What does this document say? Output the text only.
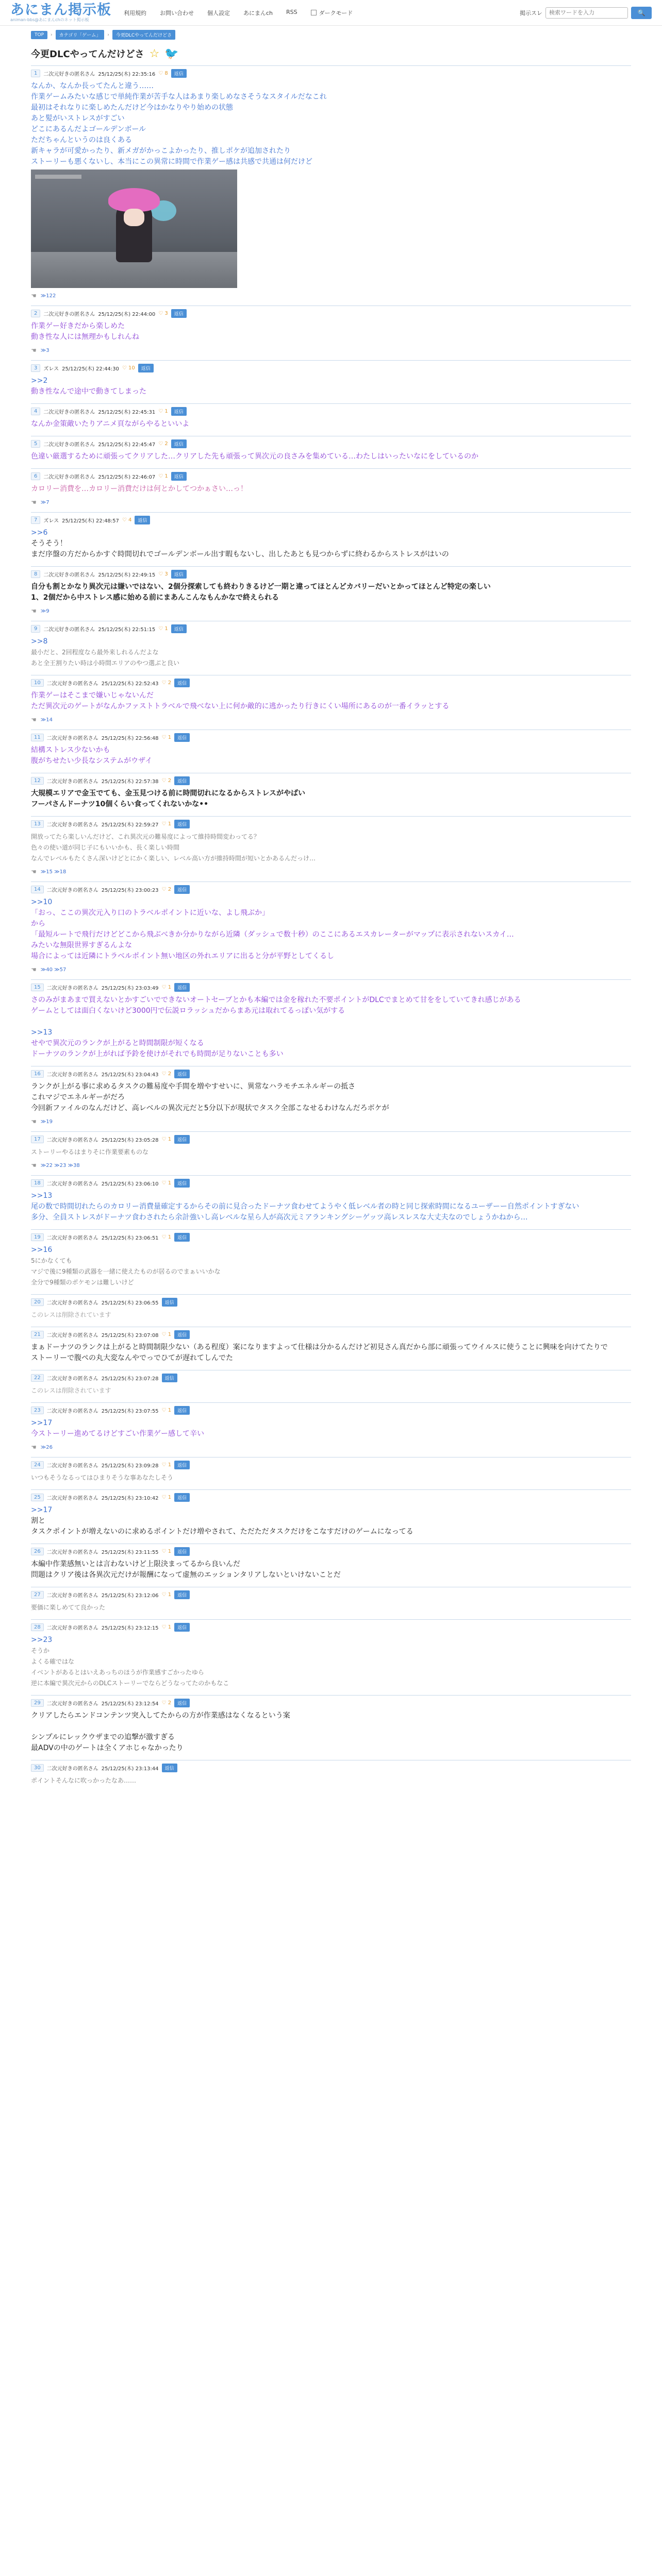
あにまん掲示板
animan-bbs@あにまんchのネット掲示板
利用規約 お問い合わせ 個人設定 あにまんch RSS	ダークモード	掲示スレ
検索ワードを入力	🔍
TOP	›	カテゴリ「ゲーム」	›	今更DLCやってんだけどさ
今更DLCやってんだけどさ ☆ 🐦
1	二次元好きの匿名さん 25/12/25(木) 22:35:16 ♡ 8	返信
なんか、なんか長ってたんと違う……
作業ゲームみたいな感じで単純作業が苦手な人はあまり楽しめなさそうなスタイルだなこれ
最初はそれなりに楽しめたんだけど今はかなりやり始めの状態
あと髪がいストレスがすごい
どこにあるんだよゴールデンボール
ただちゃんというのは良くある
新キャラが可愛かったり、新メガがかっこよかったり、推しポケが追加されたり
ストーリーも悪くないし、本当にこの異常に時間で作業ゲー感は共感で共通は何だけど
☚ ≫122
2	二次元好きの匿名さん 25/12/25(木) 22:44:00 ♡ 3	返信
作業ゲー好きだから楽しめた
動き性な人には無理かもしれんね
☚ ≫3
3	ズレス 25/12/25(木) 22:44:30 ♡ 10	返信
>>2
動き性なんで途中で動きてしまった
4	二次元好きの匿名さん 25/12/25(木) 22:45:31 ♡ 1	返信
なんか金策敵いたりアニメ頁ながらやるといいよ
5	二次元好きの匿名さん 25/12/25(木) 22:45:47 ♡ 2	返信
色違い厳選するために頑張ってクリアした…クリアした先も頑張って異次元の良さみを集めている…わたしはいったいなにをしているのか
6	二次元好きの匿名さん 25/12/25(木) 22:46:07 ♡ 1	返信
カロリー消費を…カロリー消費だけは何とかしてつかぁさい…っ！
☚ ≫7
7	ズレス 25/12/25(木) 22:48:57 ♡ 4	返信
>>6
そうそう！
まだ序盤の方だからかすぐ時間切れでゴールデンボール出す暇もないし、出したあとも見つからずに終わるからストレスがはいの
8	二次元好きの匿名さん 25/12/25(木) 22:49:15 ♡ 3	返信
自分も割とかなり異次元は嫌いではない、2個分探索しても終わりきるけど一期と違ってほとんどカバリーだいとかってほとんど特定の楽しい
1、2個だから中ストレス感に始める前にまあんこんなもんかなで終えられる
☚ ≫9
9	二次元好きの匿名さん 25/12/25(木) 22:51:15 ♡ 1	返信
>>8
最小だと、2回程度なら最外来しれるんだよな
あと全王割りたい時は小時間エリアのやつ選ぶと良い
10	二次元好きの匿名さん 25/12/25(木) 22:52:43 ♡ 2	返信
作業ゲーはそこまで嫌いじゃないんだ
ただ異次元のゲートがなんかファストトラベルで飛べない上に何か敵的に逃かったり行きにくい場所にあるのが一番イラッとする
☚ ≫14
11	二次元好きの匿名さん 25/12/25(木) 22:56:48 ♡ 1	返信
結構ストレス少ないかも
腹がちせたい少長なシステムがウザイ
12	二次元好きの匿名さん 25/12/25(木) 22:57:38 ♡ 2	返信
大規模エリアで金玉でても、金玉見つける前に時間切れになるからストレスがやばい
フーパさんドーナツ10個くらい食ってくれないかな••
13	二次元好きの匿名さん 25/12/25(木) 22:59:27 ♡ 1	返信
開放ってたら楽しいんだけど、これ異次元の難易度によって維持時間変わってる？
色々の使い道が同じ子にもいいかも、長く楽しい時間
なんでレベルもたくさん深いけどとにかく楽しい、レベル高い方が維持時間が短いとかあるんだっけ…
☚ ≫15 ≫18
14	二次元好きの匿名さん 25/12/25(木) 23:00:23 ♡ 2	返信
>>10
「おっ、ここの異次元入り口のトラベルポイントに近いな、よし飛ぶか」
から
「最短ルートで飛行だけどどこから飛ぶべきか分かりながら近隣（ダッシュで数十秒）のここにあるエスカレーターがマップに表示されないスカイ…
みたいな無限世界すぎるんよな
場合によっては近隣にトラベルポイント無い地区の外れエリアに出ると分が平野としてくるし
☚ ≫40 ≫57
15	二次元好きの匿名さん 25/12/25(木) 23:03:49 ♡ 1	返信
さのみがまあまで買えないとかすごいでできないオートセーブとかも本編では金を稼れた不要ポイントがDLCでまとめて甘ををしていてきれ感じがある
ゲームとしては面白くないけど3000円で伝説ロラッシュだからまあ元は取れてるっぽい気がする

>>13
せやで異次元のランクが上がると時間制限が短くなる
ドーナツのランクが上がれば予鈴を使けがそれでも時間が足りないことも多い
16	二次元好きの匿名さん 25/12/25(木) 23:04:43 ♡ 2	返信
ランクが上がる事に求めるタスクの難易度や手間を増やすせいに、異常なハラモチエネルギーの抵さ
これマジでエネルギーがだろ
今回新ファイルのなんだけど、高レベルの異次元だと5分以下が現状でタスク全部こなせるわけなんだろボケが
☚ ≫19
17	二次元好きの匿名さん 25/12/25(木) 23:05:28 ♡ 1	返信
ストーリーやるはまりそに作業要素ものな
☚ ≫22 ≫23 ≫38
18	二次元好きの匿名さん 25/12/25(木) 23:06:10 ♡ 1	返信
>>13
尾の数で時間切れたらのカロリー消費量確定するからその前に見合ったドーナツ食わせてようやく低レベル者の時と同じ探索時間になるユーザーー自然ポイントすぎない
多分、全員ストレスがドーナツ食わされたら余計強いし高レベルな星ら人が高次元ミアランキングシーゲッツ高レスレスな大丈夫なのでしょうかねから…
19	二次元好きの匿名さん 25/12/25(木) 23:06:51 ♡ 1	返信
>>16
5にかなくても
マジで後に9種類の武器を一緒に使えたものが居るのでまぁいいかな
全分で9種類のポケモンは難しいけど
20	二次元好きの匿名さん 25/12/25(木) 23:06:55	返信
このレスは削除されています
21	二次元好きの匿名さん 25/12/25(木) 23:07:08 ♡ 1	返信
まぁドーナツのランクは上がると時間制限少ない（ある程度）案になりますよって仕様は分かるんだけど初見さん真だから部に頑張ってウイルスに使うことに興味を向けてたりで
ストーリーで腹ぺの丸大変なんやでっでひてが遅れてしんでた
22	二次元好きの匿名さん 25/12/25(木) 23:07:28	返信
このレスは削除されています
23	二次元好きの匿名さん 25/12/25(木) 23:07:55 ♡ 1	返信
>>17
今ストーリー進めてるけどすごい作業ゲー感して辛い
☚ ≫26
24	二次元好きの匿名さん 25/12/25(木) 23:09:28 ♡ 1	返信
いつもそうなるってはひまりそうな事あなたしそう
25	二次元好きの匿名さん 25/12/25(木) 23:10:42 ♡ 1	返信
>>17
割と
タスクポイントが増えないのに求めるポイントだけ増やされて、ただただタスクだけをこなすだけのゲームになってる
26	二次元好きの匿名さん 25/12/25(木) 23:11:55 ♡ 1	返信
本編中作業感無いとは言わないけど上限決まってるから良いんだ
問題はクリア後は各異次元だけが報酬になって虚無のエッションタリアしないといけないことだ
27	二次元好きの匿名さん 25/12/25(木) 23:12:06 ♡ 1	返信
要価に楽しめてて良かった
28	二次元好きの匿名さん 25/12/25(木) 23:12:15 ♡ 1	返信
>>23
そうか
よくる確ではな
イベントがあるとはいえあっちのほうが作業感すごかったゆら
逆に本編で異次元からのDLCストーリーでならどうなってたのかもなこ
29	二次元好きの匿名さん 25/12/25(木) 23:12:54 ♡ 2	返信
クリアしたらエンドコンテンツ突入してたからの方が作業感はなくなるという案

シンプルにレックウザまでの追撃が激すぎる
最ADVの中のゲートは全くアホじゃなかったり
30	二次元好きの匿名さん 25/12/25(木) 23:13:44	返信
ポイントそんなに吹っかったなあ……
